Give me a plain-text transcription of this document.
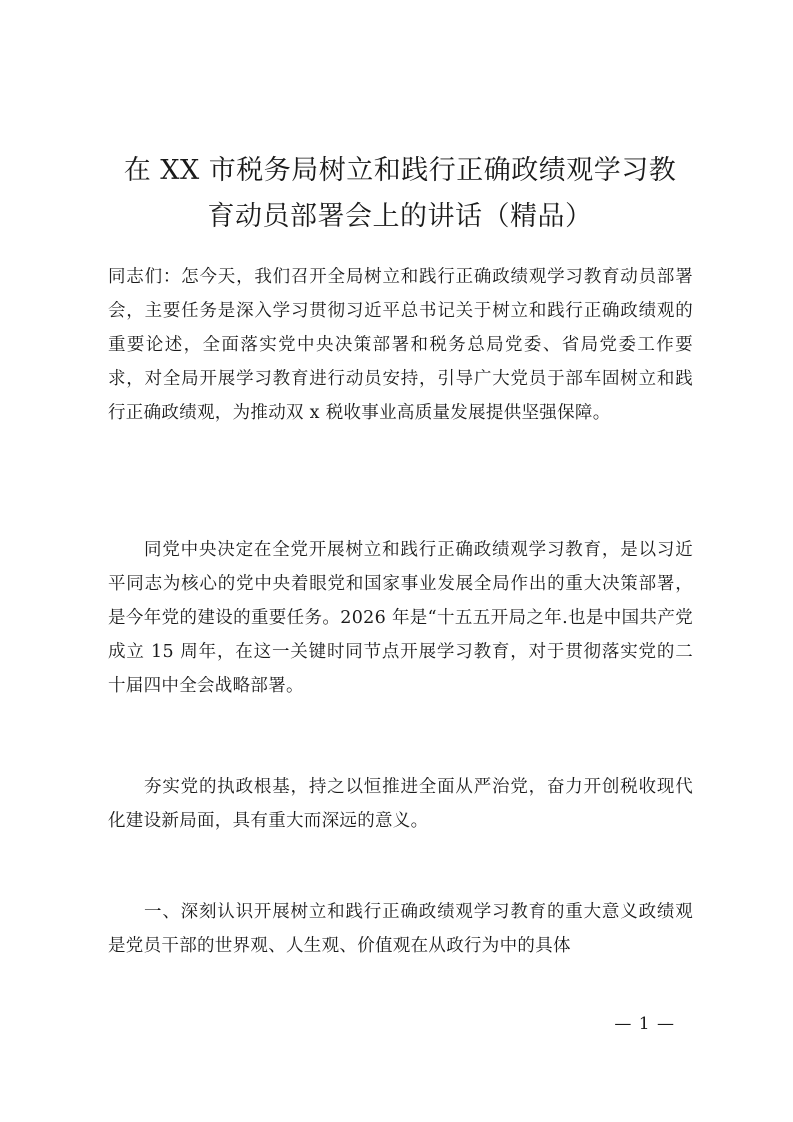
在 XX 市税务局树立和践行正确政绩观学习教
育动员部署会上的讲话（精品）

同志们：怎今天，我们召开全局树立和践行正确政绩观学习教育动员部署会，主要任务是深入学习贯彻习近平总书记关于树立和践行正确政绩观的重要论述，全面落实党中央决策部署和税务总局党委、省局党委工作要求，对全局开展学习教育进行动员安持，引导广大党员于部车固树立和践行正确政绩观，为推动双 x 税收事业高质量发展提供坚强保障。

同党中央决定在全党开展树立和践行正确政绩观学习教育，是以习近平同志为核心的党中央着眼党和国家事业发展全局作出的重大决策部署，是今年党的建设的重要任务。2026 年是“十五五开局之年.也是中国共产党成立 15 周年，在这一关键时同节点开展学习教育，对于贯彻落实党的二十届四中全会战略部署。

夯实党的执政根基，持之以恒推进全面从严治党，奋力开创税收现代化建设新局面，具有重大而深远的意义。

一、深刻认识开展树立和践行正确政绩观学习教育的重大意义政绩观是党员干部的世界观、人生观、价值观在从政行为中的具体

— 1 —
